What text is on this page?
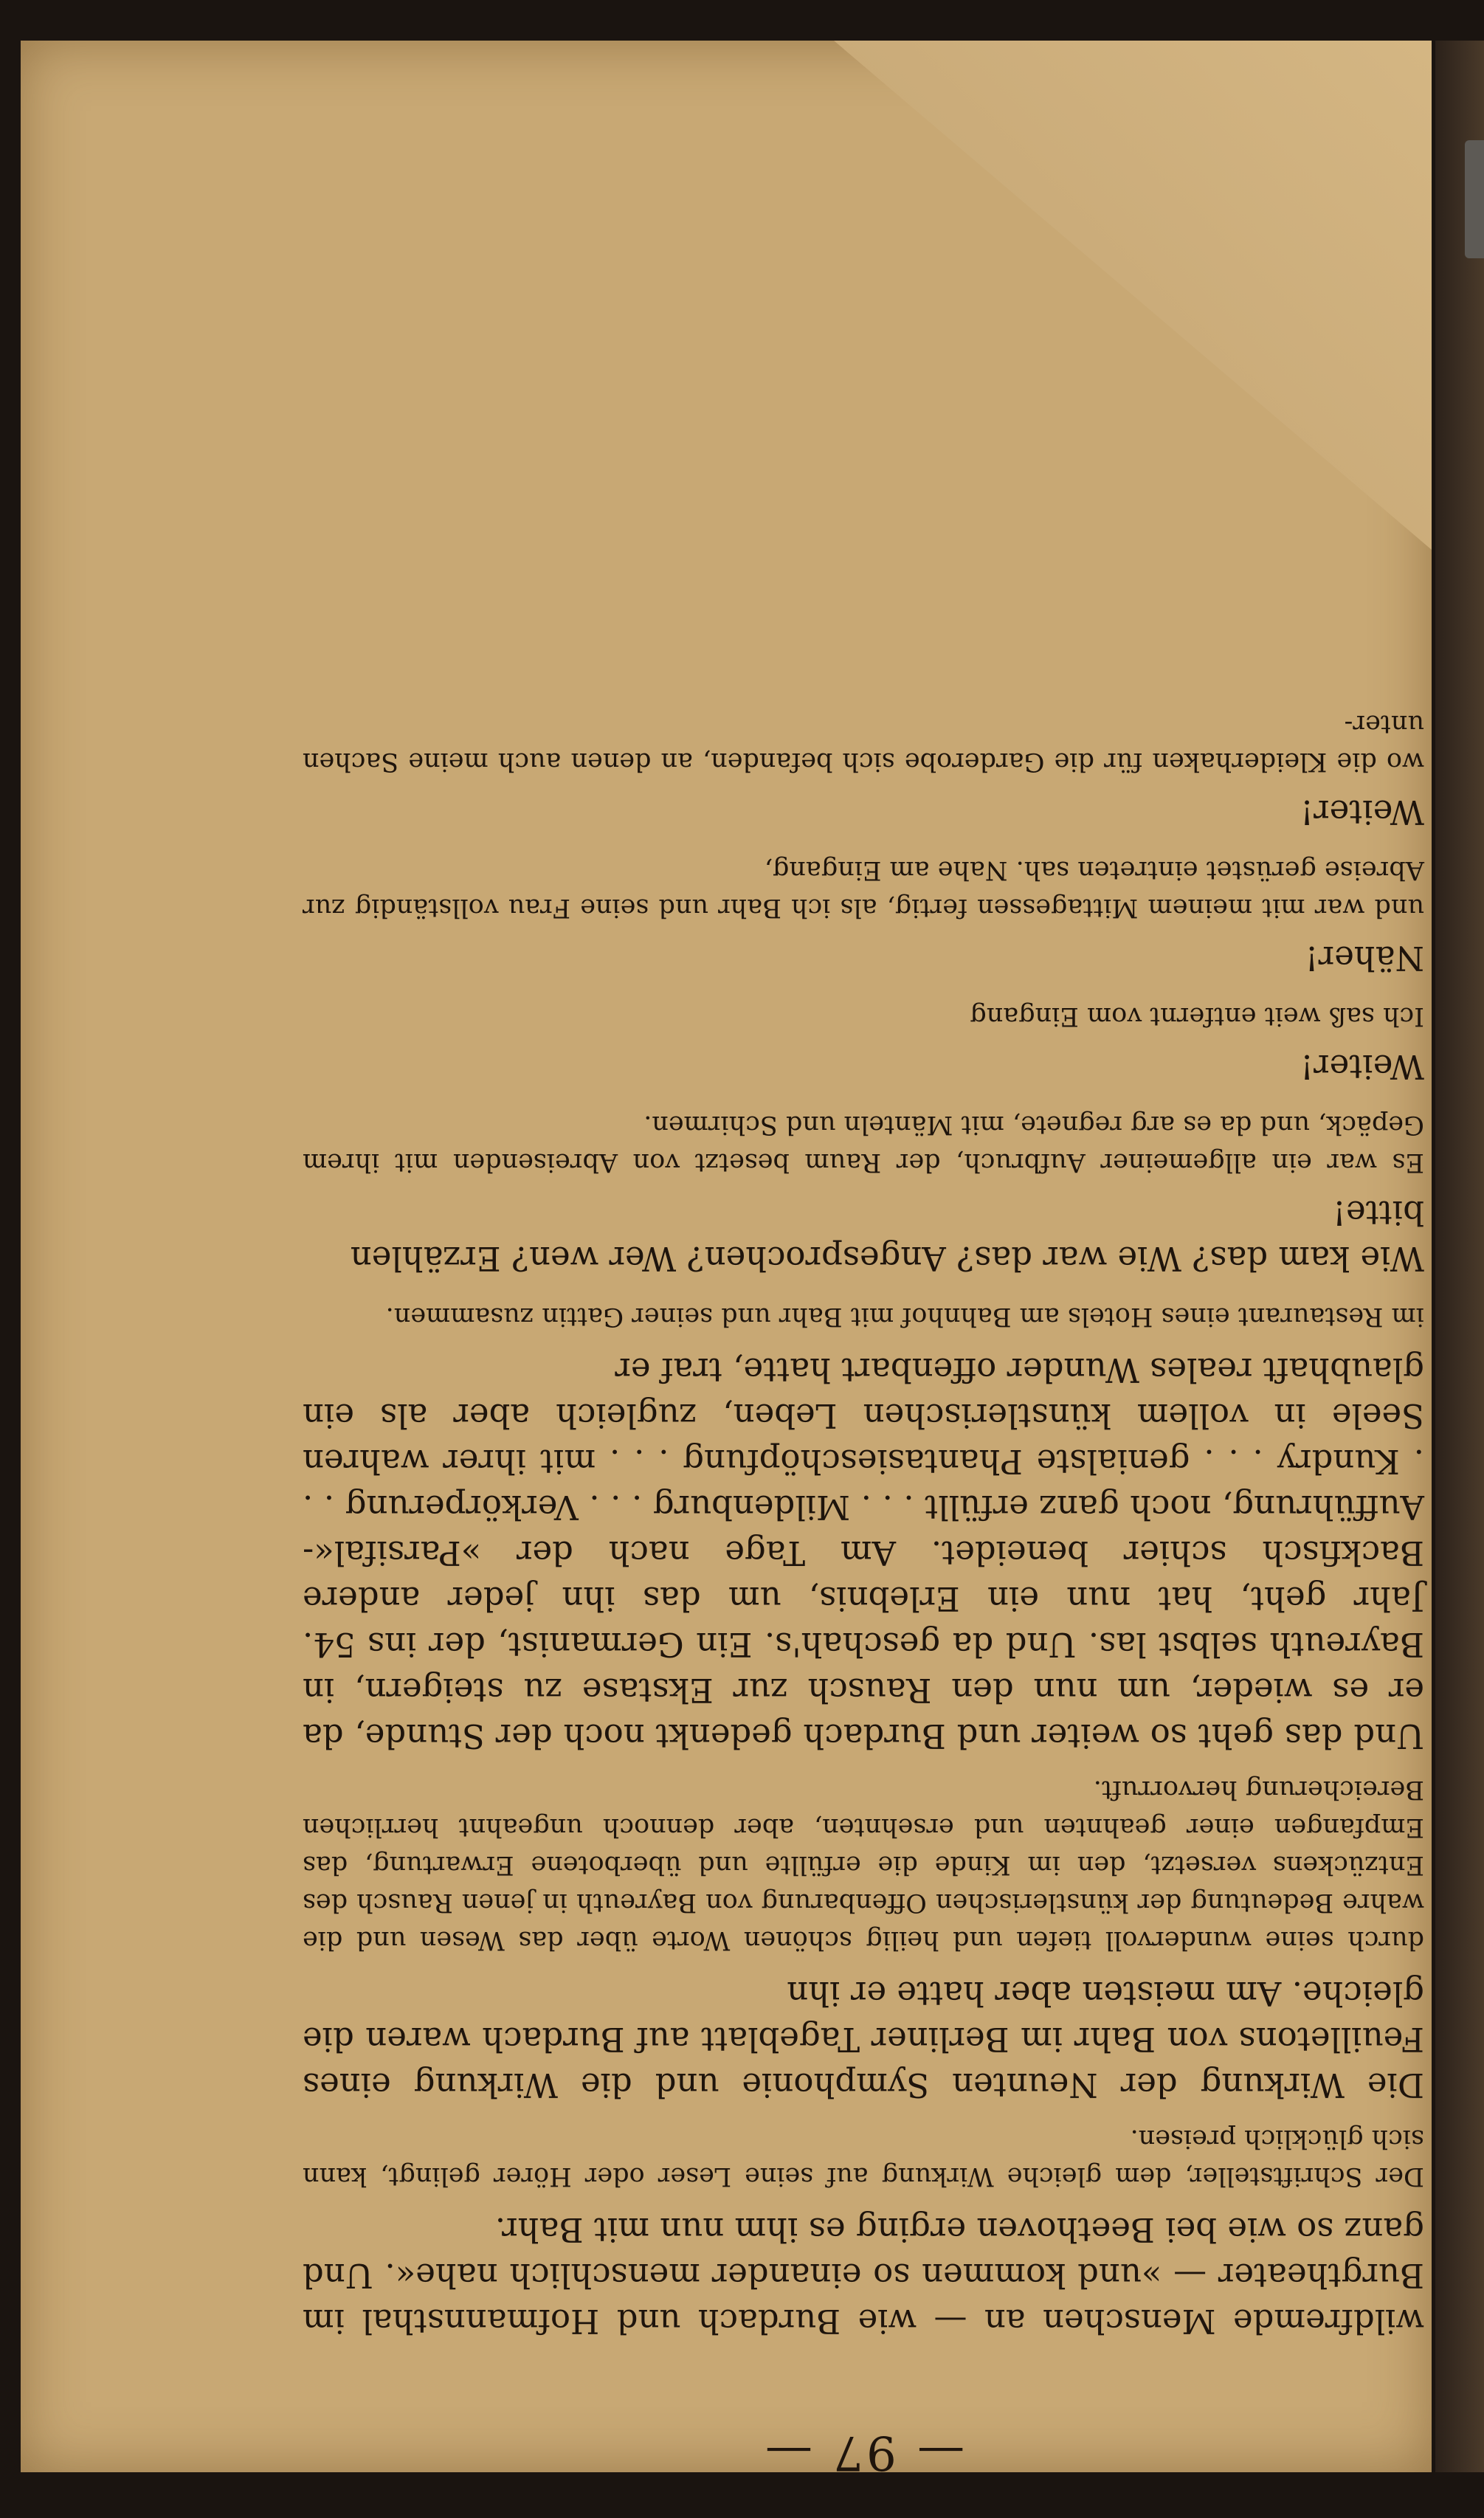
— 97 —

wildfremde Menschen an — wie Burdach und Hofmannsthal im Burgtheater — »und kommen so einander menschlich nahe«. Und ganz so wie bei Beethoven erging es ihm nun mit Bahr.

Der Schriftsteller, dem gleiche Wirkung auf seine Leser oder Hörer gelingt, kann sich glücklich preisen.

Die Wirkung der Neunten Symphonie und die Wirkung eines Feuilletons von Bahr im Berliner Tageblatt auf Burdach waren die gleiche. Am meisten aber hatte er ihn

durch seine wundervoll tiefen und heilig schönen Worte über das Wesen und die wahre Bedeutung der künstlerischen Offenbarung von Bayreuth in jenen Rausch des Entzückens versetzt, den im Kinde die erfüllte und überbotene Erwartung, das Empfangen einer geahnten und ersehnten, aber dennoch ungeahnt herrlichen Bereicherung hervorruft.

Und das geht so weiter und Burdach gedenkt noch der Stunde, da er es wieder, um nun den Rausch zur Ekstase zu steigern, in Bayreuth selbst las. Und da geschah's. Ein Germanist, der ins 54. Jahr geht, hat nun ein Erlebnis, um das ihn jeder andere Backfisch schier beneidet. Am Tage nach der »Parsifal«-Aufführung, noch ganz erfüllt . . . Mildenburg . . . Verkörperung . . . Kundry . . . genialste Phantasieschöpfung . . . mit ihrer wahren Seele in vollem künstlerischen Leben, zugleich aber als ein glaubhaft reales Wunder offenbart hatte, traf er

im Restaurant eines Hotels am Bahnhof mit Bahr und seiner Gattin zusammen.

Wie kam das? Wie war das? Angesprochen? Wer wen? Erzählen bitte!

Es war ein allgemeiner Aufbruch, der Raum besetzt von Abreisenden mit ihrem Gepäck, und da es arg regnete, mit Mänteln und Schirmen.

Weiter!

Ich saß weit entfernt vom Eingang

Näher!

und war mit meinem Mittagessen fertig, als ich Bahr und seine Frau vollständig zur Abreise gerüstet eintreten sah. Nahe am Eingang,

Weiter!

wo die Kleiderhaken für die Garderobe sich befanden, an denen auch meine Sachen unter-
